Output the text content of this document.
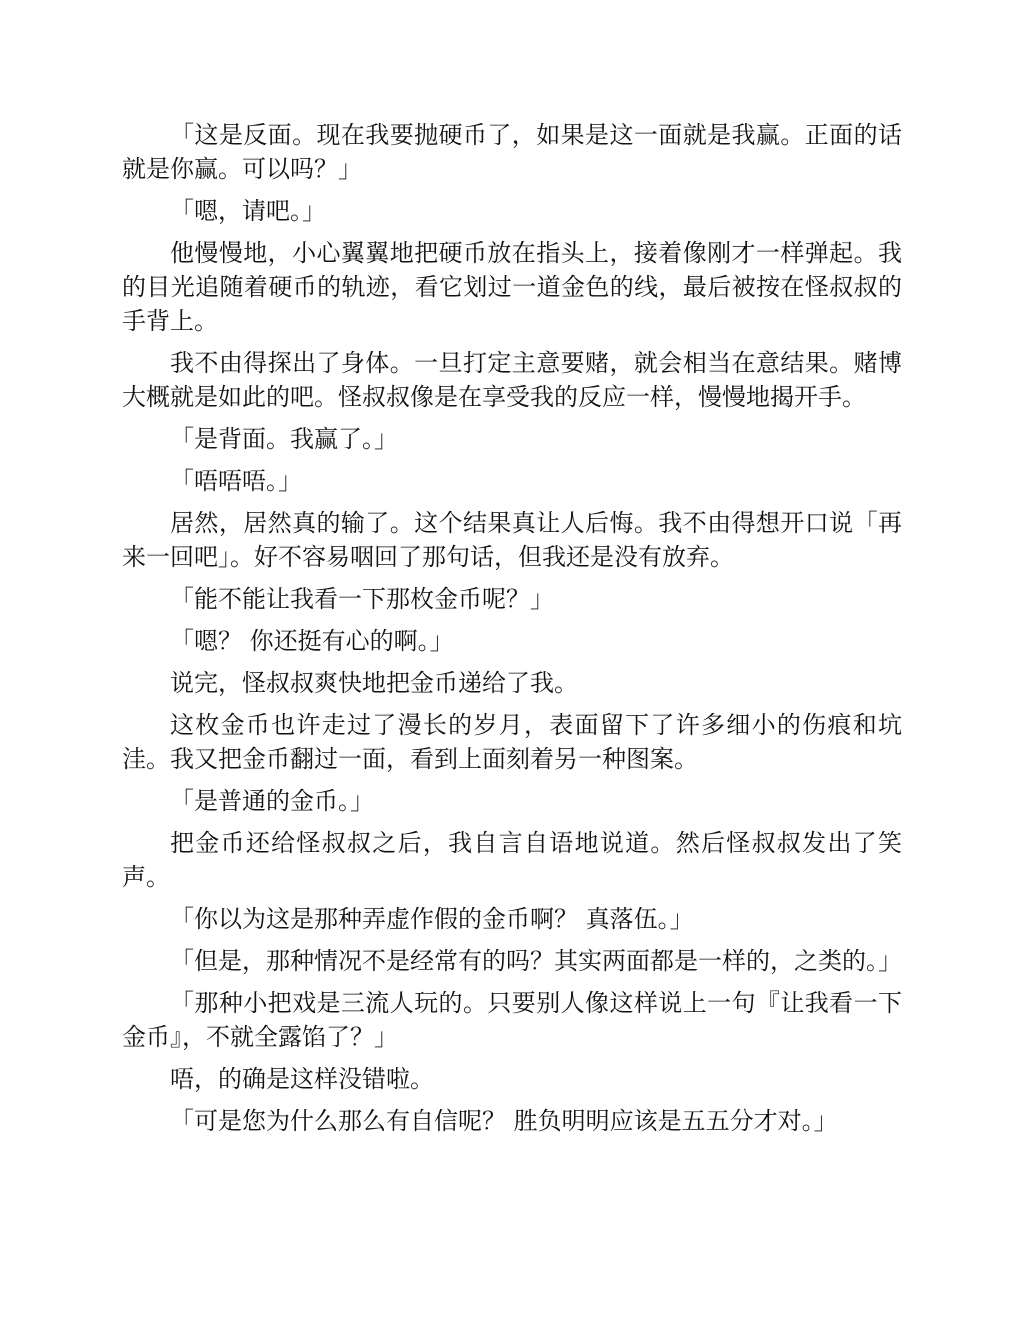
「这是反面。现在我要抛硬币了，如果是这一面就是我赢。正面的话就是你赢。可以吗？」

「嗯，请吧。」

他慢慢地，小心翼翼地把硬币放在指头上，接着像刚才一样弹起。我的目光追随着硬币的轨迹，看它划过一道金色的线，最后被按在怪叔叔的手背上。

我不由得探出了身体。一旦打定主意要赌，就会相当在意结果。赌博大概就是如此的吧。怪叔叔像是在享受我的反应一样，慢慢地揭开手。

「是背面。我赢了。」

「唔唔唔。」

居然，居然真的输了。这个结果真让人后悔。我不由得想开口说「再来一回吧」。好不容易咽回了那句话，但我还是没有放弃。

「能不能让我看一下那枚金币呢？」

「嗯？ 你还挺有心的啊。」

说完，怪叔叔爽快地把金币递给了我。

这枚金币也许走过了漫长的岁月，表面留下了许多细小的伤痕和坑洼。我又把金币翻过一面，看到上面刻着另一种图案。

「是普通的金币。」

把金币还给怪叔叔之后，我自言自语地说道。然后怪叔叔发出了笑声。

「你以为这是那种弄虚作假的金币啊？ 真落伍。」

「但是，那种情况不是经常有的吗？其实两面都是一样的，之类的。」

「那种小把戏是三流人玩的。只要别人像这样说上一句『让我看一下金币』，不就全露馅了？」

唔，的确是这样没错啦。

「可是您为什么那么有自信呢？ 胜负明明应该是五五分才对。」
